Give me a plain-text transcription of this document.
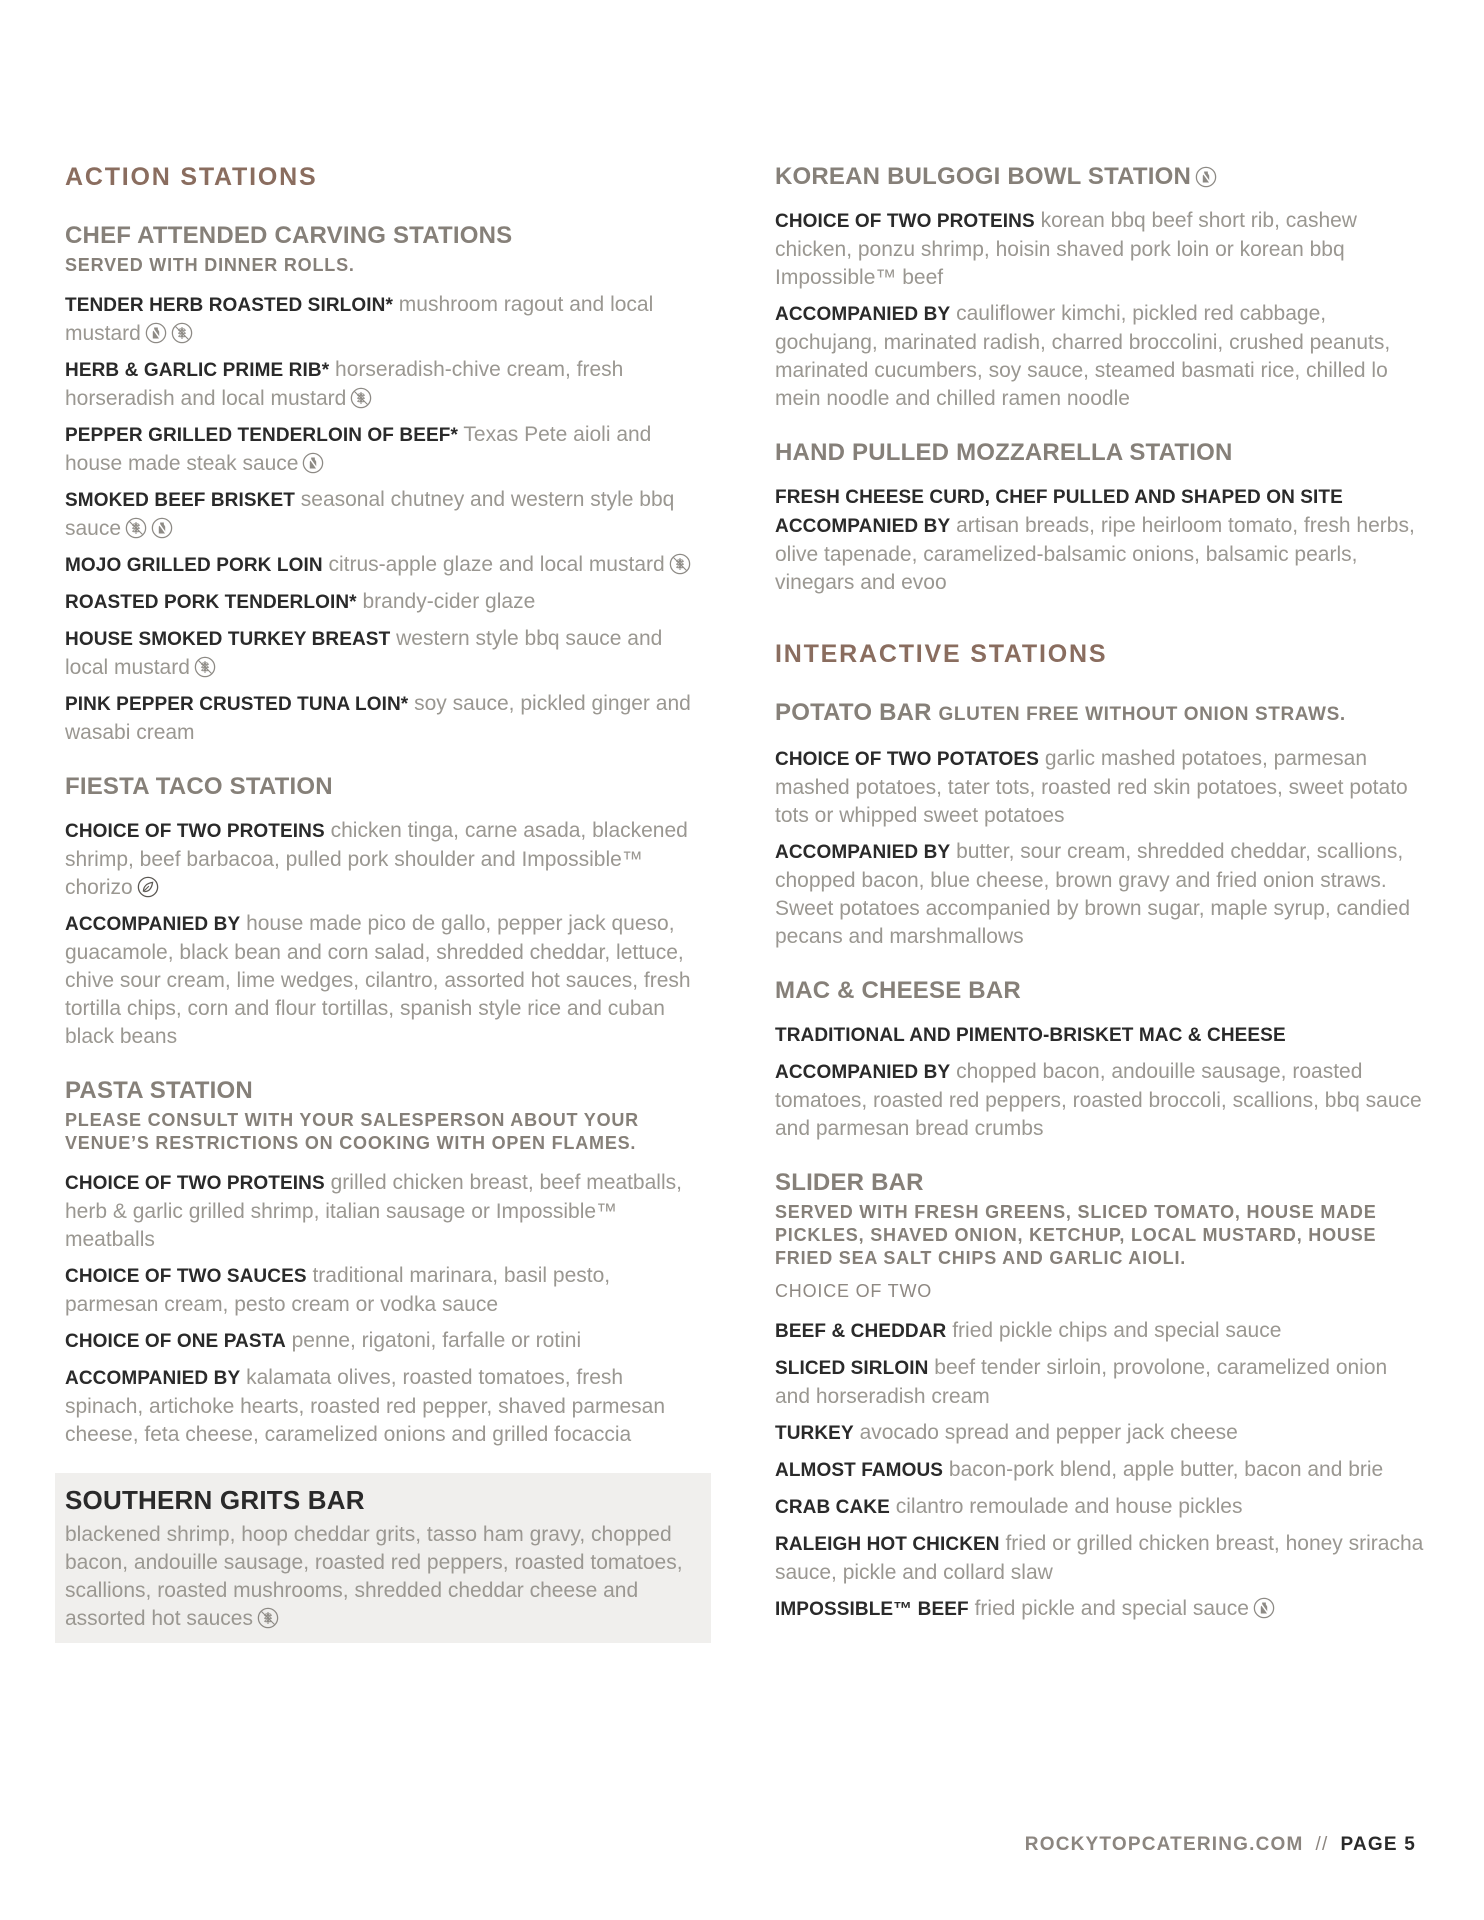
ACTION STATIONS
CHEF ATTENDED CARVING STATIONS

SERVED WITH DINNER ROLLS.

TENDER HERB ROASTED SIRLOIN* mushroom ragout and local mustard

HERB & GARLIC PRIME RIB* horseradish-chive cream, fresh horseradish and local mustard

PEPPER GRILLED TENDERLOIN OF BEEF* Texas Pete aioli and house made steak sauce

SMOKED BEEF BRISKET seasonal chutney and western style bbq sauce

MOJO GRILLED PORK LOIN citrus-apple glaze and local mustard

ROASTED PORK TENDERLOIN* brandy-cider glaze

HOUSE SMOKED TURKEY BREAST western style bbq sauce and local mustard

PINK PEPPER CRUSTED TUNA LOIN* soy sauce, pickled ginger and wasabi cream

FIESTA TACO STATION

CHOICE OF TWO PROTEINS chicken tinga, carne asada, blackened shrimp, beef barbacoa, pulled pork shoulder and Impossible™ chorizo

ACCOMPANIED BY house made pico de gallo, pepper jack queso, guacamole, black bean and corn salad, shredded cheddar, lettuce, chive sour cream, lime wedges, cilantro, assorted hot sauces, fresh tortilla chips, corn and flour tortillas, spanish style rice and cuban black beans

PASTA STATION

PLEASE CONSULT WITH YOUR SALESPERSON ABOUT YOUR VENUE’S RESTRICTIONS ON COOKING WITH OPEN FLAMES.

CHOICE OF TWO PROTEINS grilled chicken breast, beef meatballs, herb & garlic grilled shrimp, italian sausage or Impossible™ meatballs

CHOICE OF TWO SAUCES traditional marinara, basil pesto, parmesan cream, pesto cream or vodka sauce

CHOICE OF ONE PASTA penne, rigatoni, farfalle or rotini

ACCOMPANIED BY kalamata olives, roasted tomatoes, fresh spinach, artichoke hearts, roasted red pepper, shaved parmesan cheese, feta cheese, caramelized onions and grilled focaccia

SOUTHERN GRITS BAR

blackened shrimp, hoop cheddar grits, tasso ham gravy, chopped bacon, andouille sausage, roasted red peppers, roasted tomatoes, scallions, roasted mushrooms, shredded cheddar cheese and assorted hot sauces

KOREAN BULGOGI BOWL STATION

CHOICE OF TWO PROTEINS korean bbq beef short rib, cashew chicken, ponzu shrimp, hoisin shaved pork loin or korean bbq Impossible™ beef

ACCOMPANIED BY cauliflower kimchi, pickled red cabbage, gochujang, marinated radish, charred broccolini, crushed peanuts, marinated cucumbers, soy sauce, steamed basmati rice, chilled lo mein noodle and chilled ramen noodle

HAND PULLED MOZZARELLA STATION

FRESH CHEESE CURD, CHEF PULLED AND SHAPED ON SITE

ACCOMPANIED BY artisan breads, ripe heirloom tomato, fresh herbs, olive tapenade, caramelized-balsamic onions, balsamic pearls, vinegars and evoo

INTERACTIVE STATIONS
POTATO BAR GLUTEN FREE WITHOUT ONION STRAWS.

CHOICE OF TWO POTATOES garlic mashed potatoes, parmesan mashed potatoes, tater tots, roasted red skin potatoes, sweet potato tots or whipped sweet potatoes

ACCOMPANIED BY butter, sour cream, shredded cheddar, scallions, chopped bacon, blue cheese, brown gravy and fried onion straws. Sweet potatoes accompanied by brown sugar, maple syrup, candied pecans and marshmallows

MAC & CHEESE BAR

TRADITIONAL AND PIMENTO-BRISKET MAC & CHEESE

ACCOMPANIED BY chopped bacon, andouille sausage, roasted tomatoes, roasted red peppers, roasted broccoli, scallions, bbq sauce and parmesan bread crumbs

SLIDER BAR

SERVED WITH FRESH GREENS, SLICED TOMATO, HOUSE MADE PICKLES, SHAVED ONION, KETCHUP, LOCAL MUSTARD, HOUSE FRIED SEA SALT CHIPS AND GARLIC AIOLI.

CHOICE OF TWO

BEEF & CHEDDAR fried pickle chips and special sauce

SLICED SIRLOIN beef tender sirloin, provolone, caramelized onion and horseradish cream

TURKEY avocado spread and pepper jack cheese

ALMOST FAMOUS bacon-pork blend, apple butter, bacon and brie

CRAB CAKE cilantro remoulade and house pickles

RALEIGH HOT CHICKEN fried or grilled chicken breast, honey sriracha sauce, pickle and collard slaw

IMPOSSIBLE™ BEEF fried pickle and special sauce

ROCKYTOPCATERING.COM // PAGE 5
